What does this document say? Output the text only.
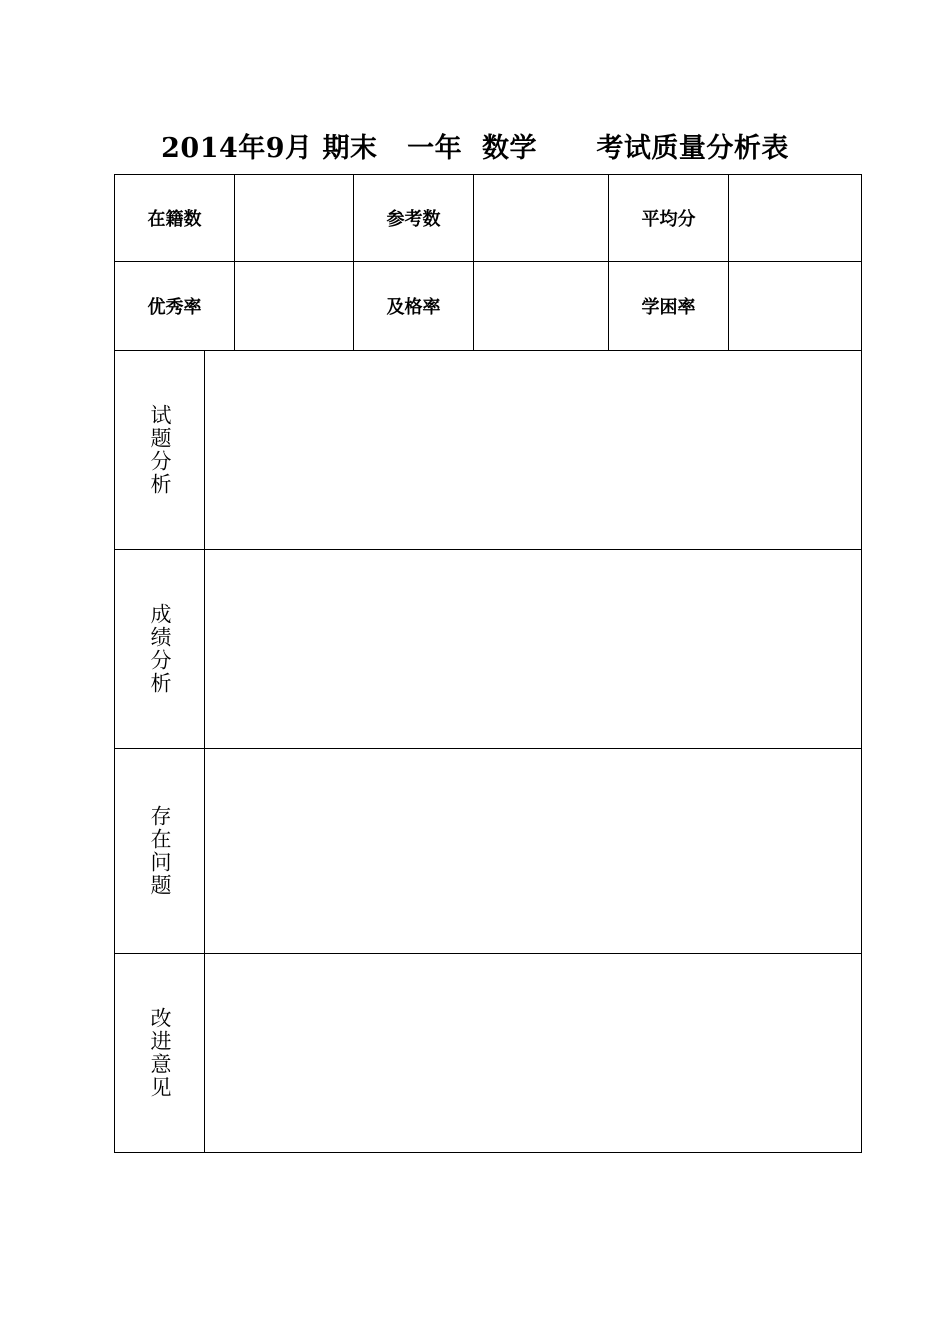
2014年9月 期末   一年  数学      考试质量分析表
在籍数	参考数	平均分
优秀率	及格率	学困率
试题分析
成绩分析
存在问题
改进意见
